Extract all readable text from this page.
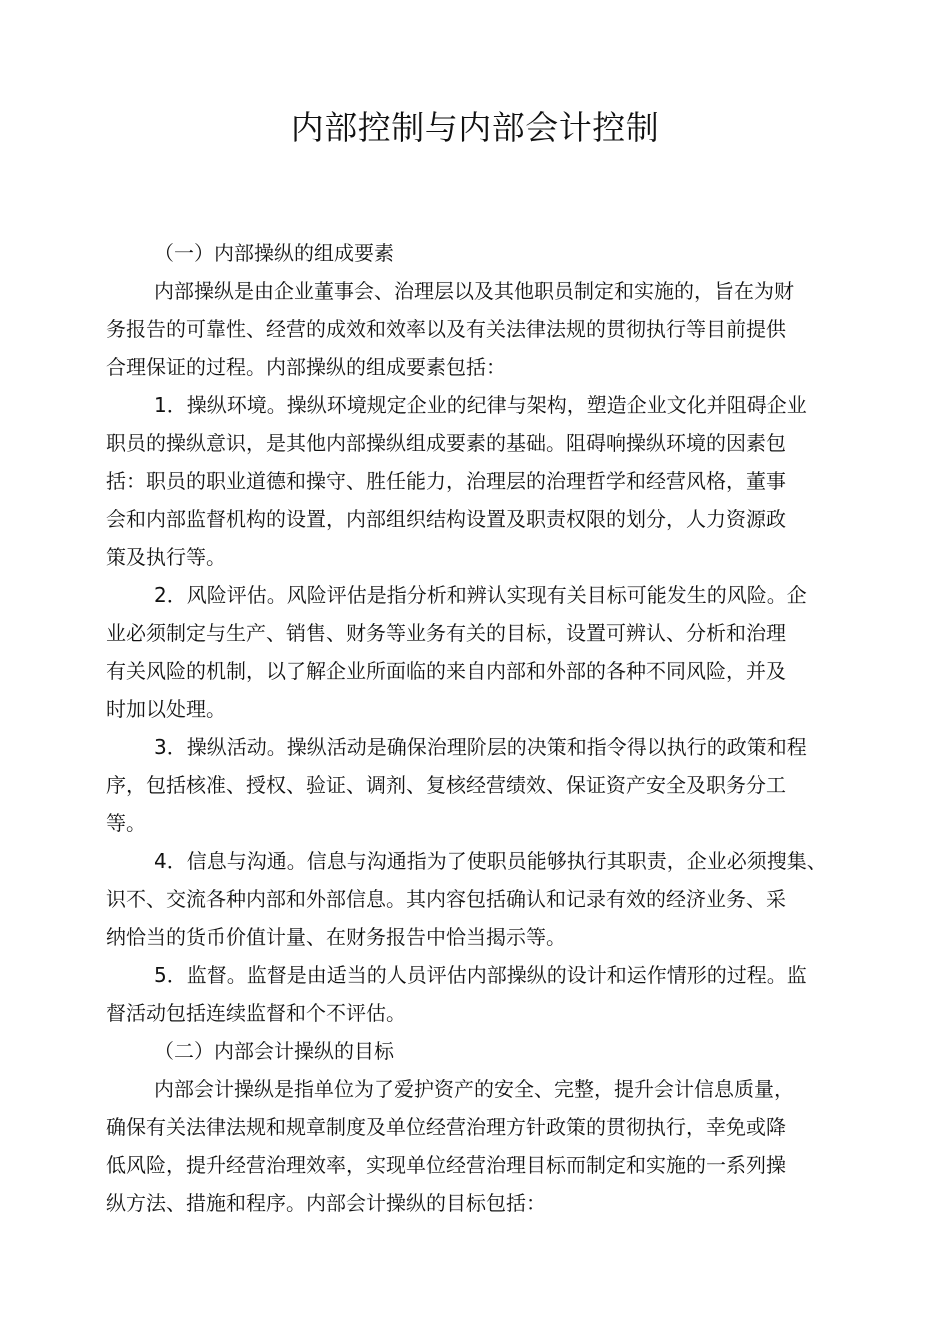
内部控制与内部会计控制
（一）内部操纵的组成要素
内部操纵是由企业董事会、治理层以及其他职员制定和实施的，旨在为财
务报告的可靠性、经营的成效和效率以及有关法律法规的贯彻执行等目前提供
合理保证的过程。内部操纵的组成要素包括：
1．操纵环境。操纵环境规定企业的纪律与架构，塑造企业文化并阻碍企业
职员的操纵意识，是其他内部操纵组成要素的基础。阻碍响操纵环境的因素包
括：职员的职业道德和操守、胜任能力，治理层的治理哲学和经营风格，董事
会和内部监督机构的设置，内部组织结构设置及职责权限的划分，人力资源政
策及执行等。
2．风险评估。风险评估是指分析和辨认实现有关目标可能发生的风险。企
业必须制定与生产、销售、财务等业务有关的目标，设置可辨认、分析和治理
有关风险的机制，以了解企业所面临的来自内部和外部的各种不同风险，并及
时加以处理。
3．操纵活动。操纵活动是确保治理阶层的决策和指令得以执行的政策和程
序，包括核准、授权、验证、调剂、复核经营绩效、保证资产安全及职务分工
等。
4．信息与沟通。信息与沟通指为了使职员能够执行其职责，企业必须搜集、
识不、交流各种内部和外部信息。其内容包括确认和记录有效的经济业务、采
纳恰当的货币价值计量、在财务报告中恰当揭示等。
5．监督。监督是由适当的人员评估内部操纵的设计和运作情形的过程。监
督活动包括连续监督和个不评估。
（二）内部会计操纵的目标
内部会计操纵是指单位为了爱护资产的安全、完整，提升会计信息质量，
确保有关法律法规和规章制度及单位经营治理方针政策的贯彻执行，幸免或降
低风险，提升经营治理效率，实现单位经营治理目标而制定和实施的一系列操
纵方法、措施和程序。内部会计操纵的目标包括：
